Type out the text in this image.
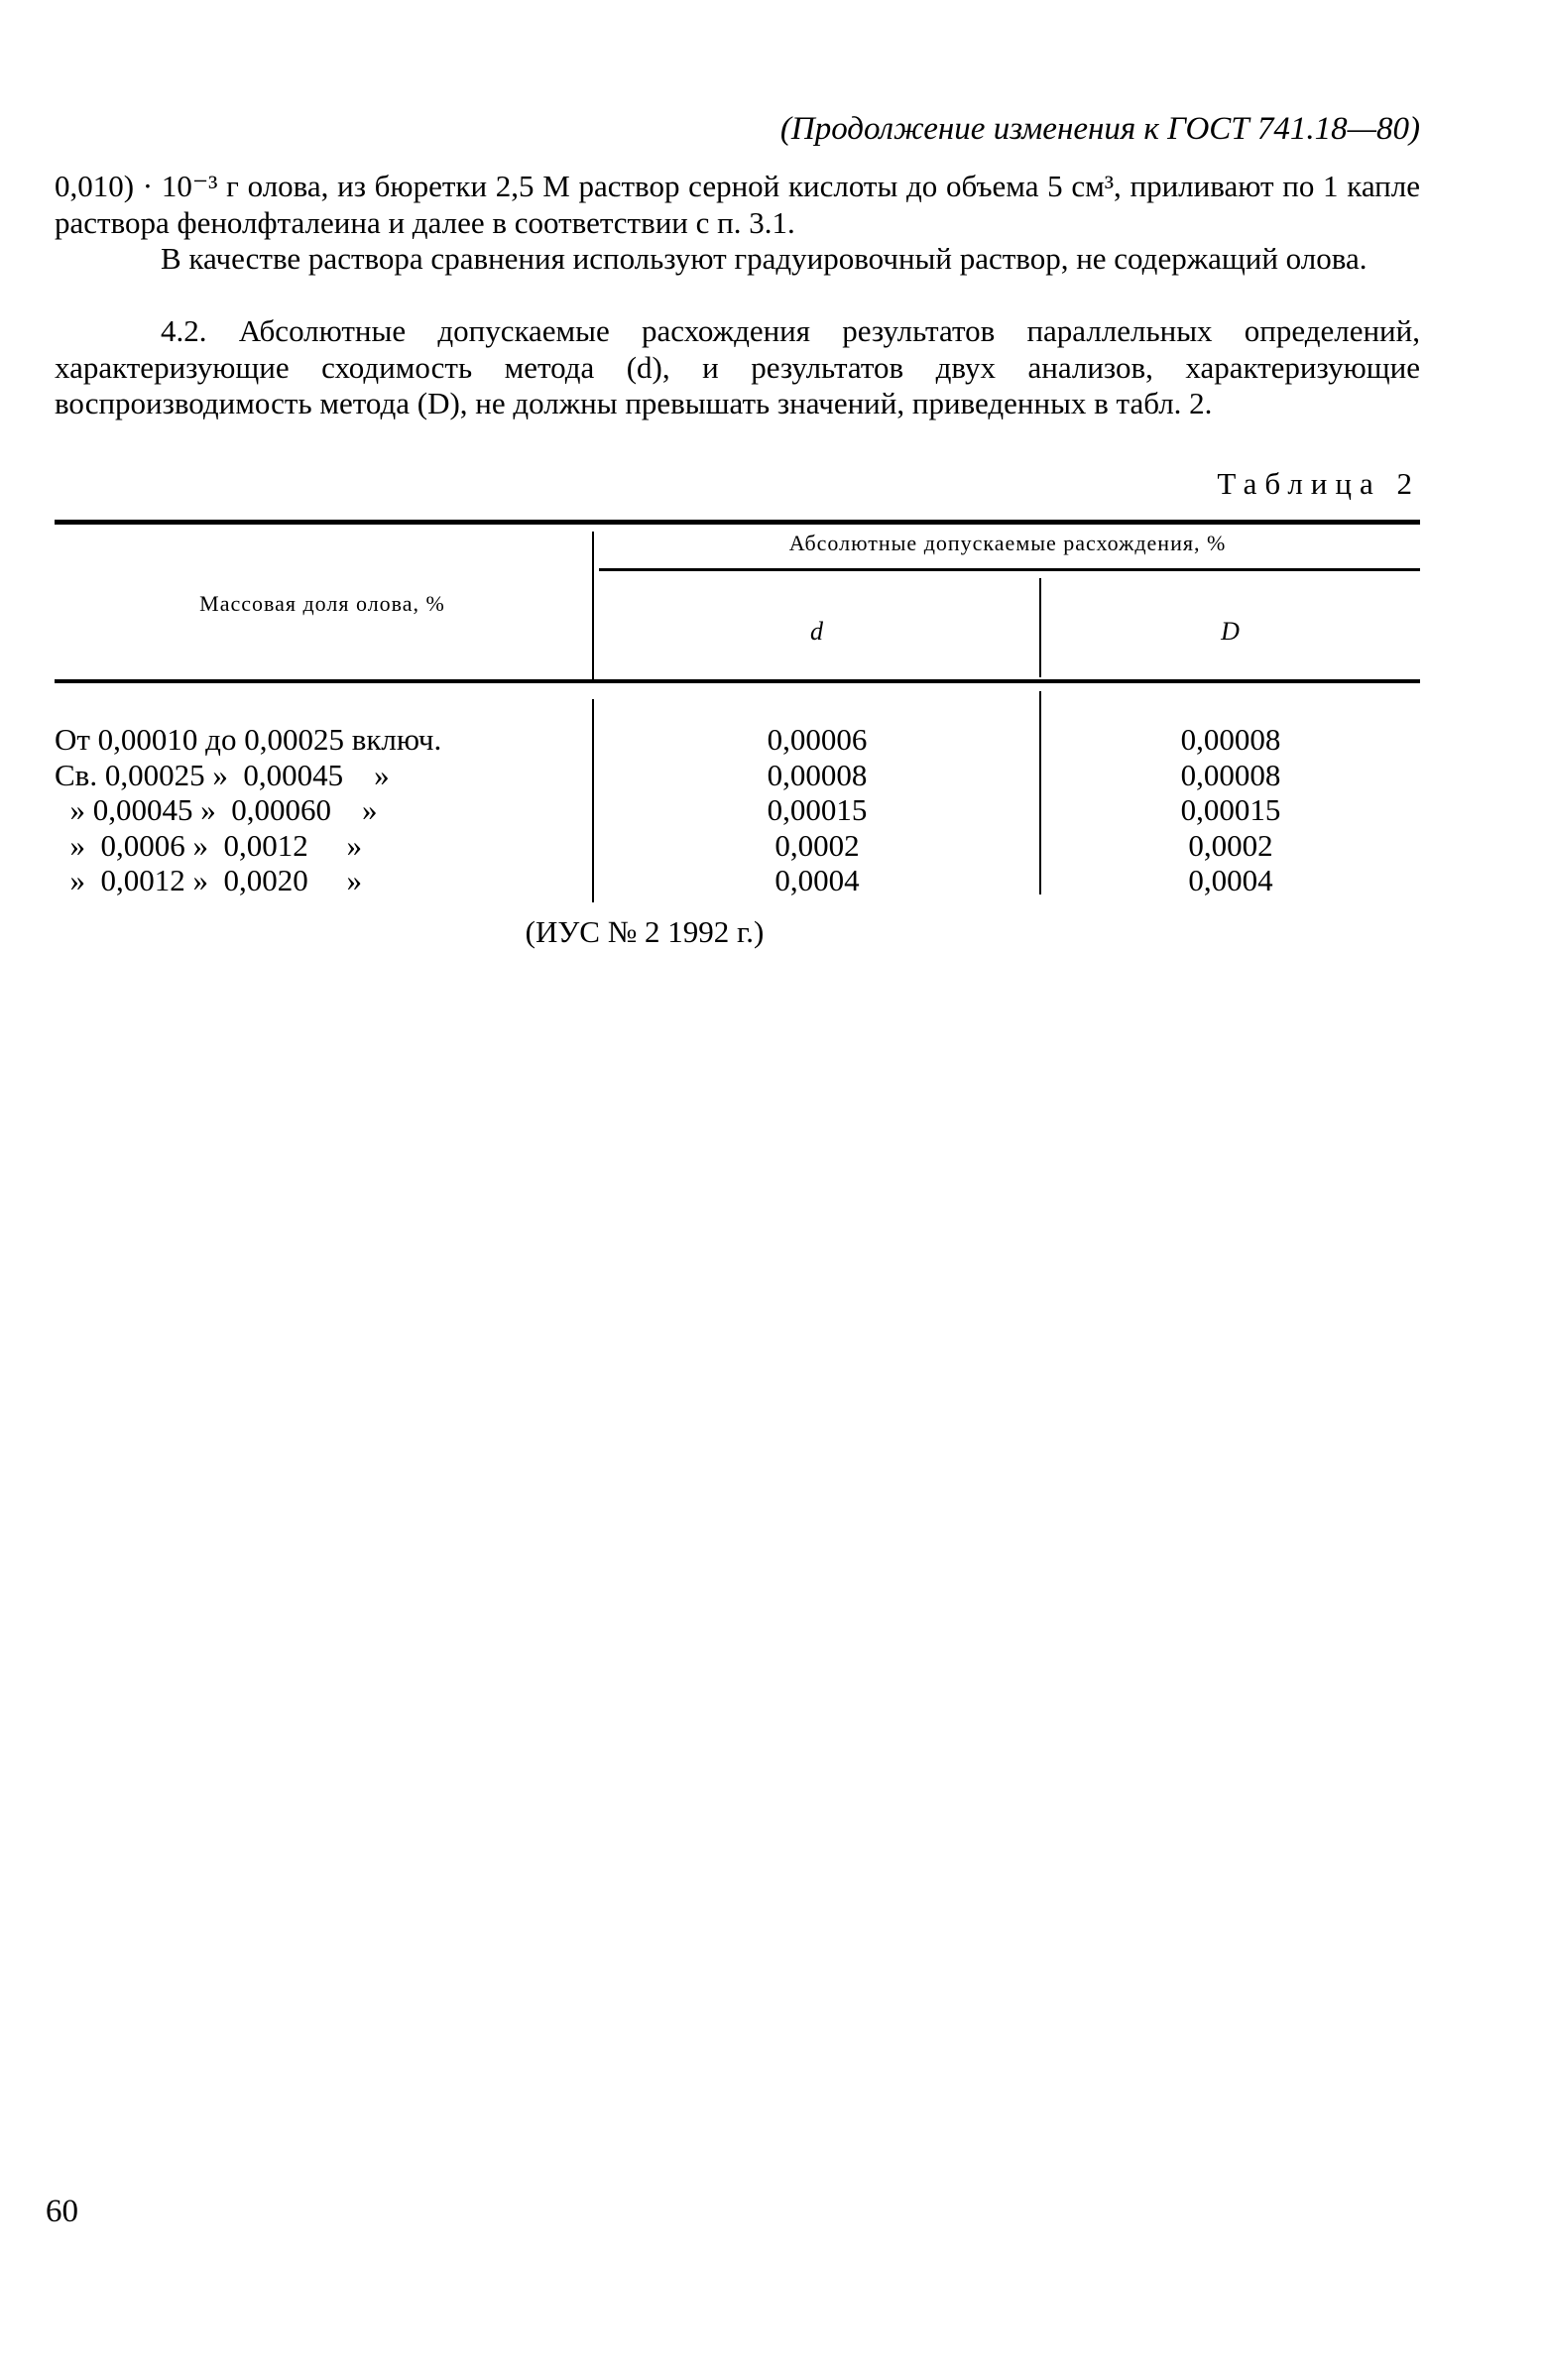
(Продолжение изменения к ГОСТ 741.18—80)
0,010) · 10⁻³ г олова, из бюретки 2,5 М раствор серной кислоты до объема 5 см³, приливают по 1 капле раствора фенолфталеина и далее в соответствии с п. 3.1.
В качестве раствора сравнения используют градуировочный раствор, не содержащий олова.
4.2. Абсолютные допускаемые расхождения результатов параллельных определений, характеризующие сходимость метода (d), и результатов двух анализов, характеризующие воспроизводимость метода (D), не должны превышать значений, приведенных в табл. 2.
Таблица 2
Абсолютные допускаемые расхождения, %
Массовая доля олова, %
d	D
От 0,00010 до 0,00025 включ.
Св. 0,00025 »  0,00045    »
» 0,00045 »  0,00060    »
»  0,0006 »  0,0012     »
»  0,0012 »  0,0020     »
0,00006
0,00008
0,00015
0,0002
0,0004
0,00008
0,00008
0,00015
0,0002
0,0004
(ИУС № 2 1992 г.)
60
